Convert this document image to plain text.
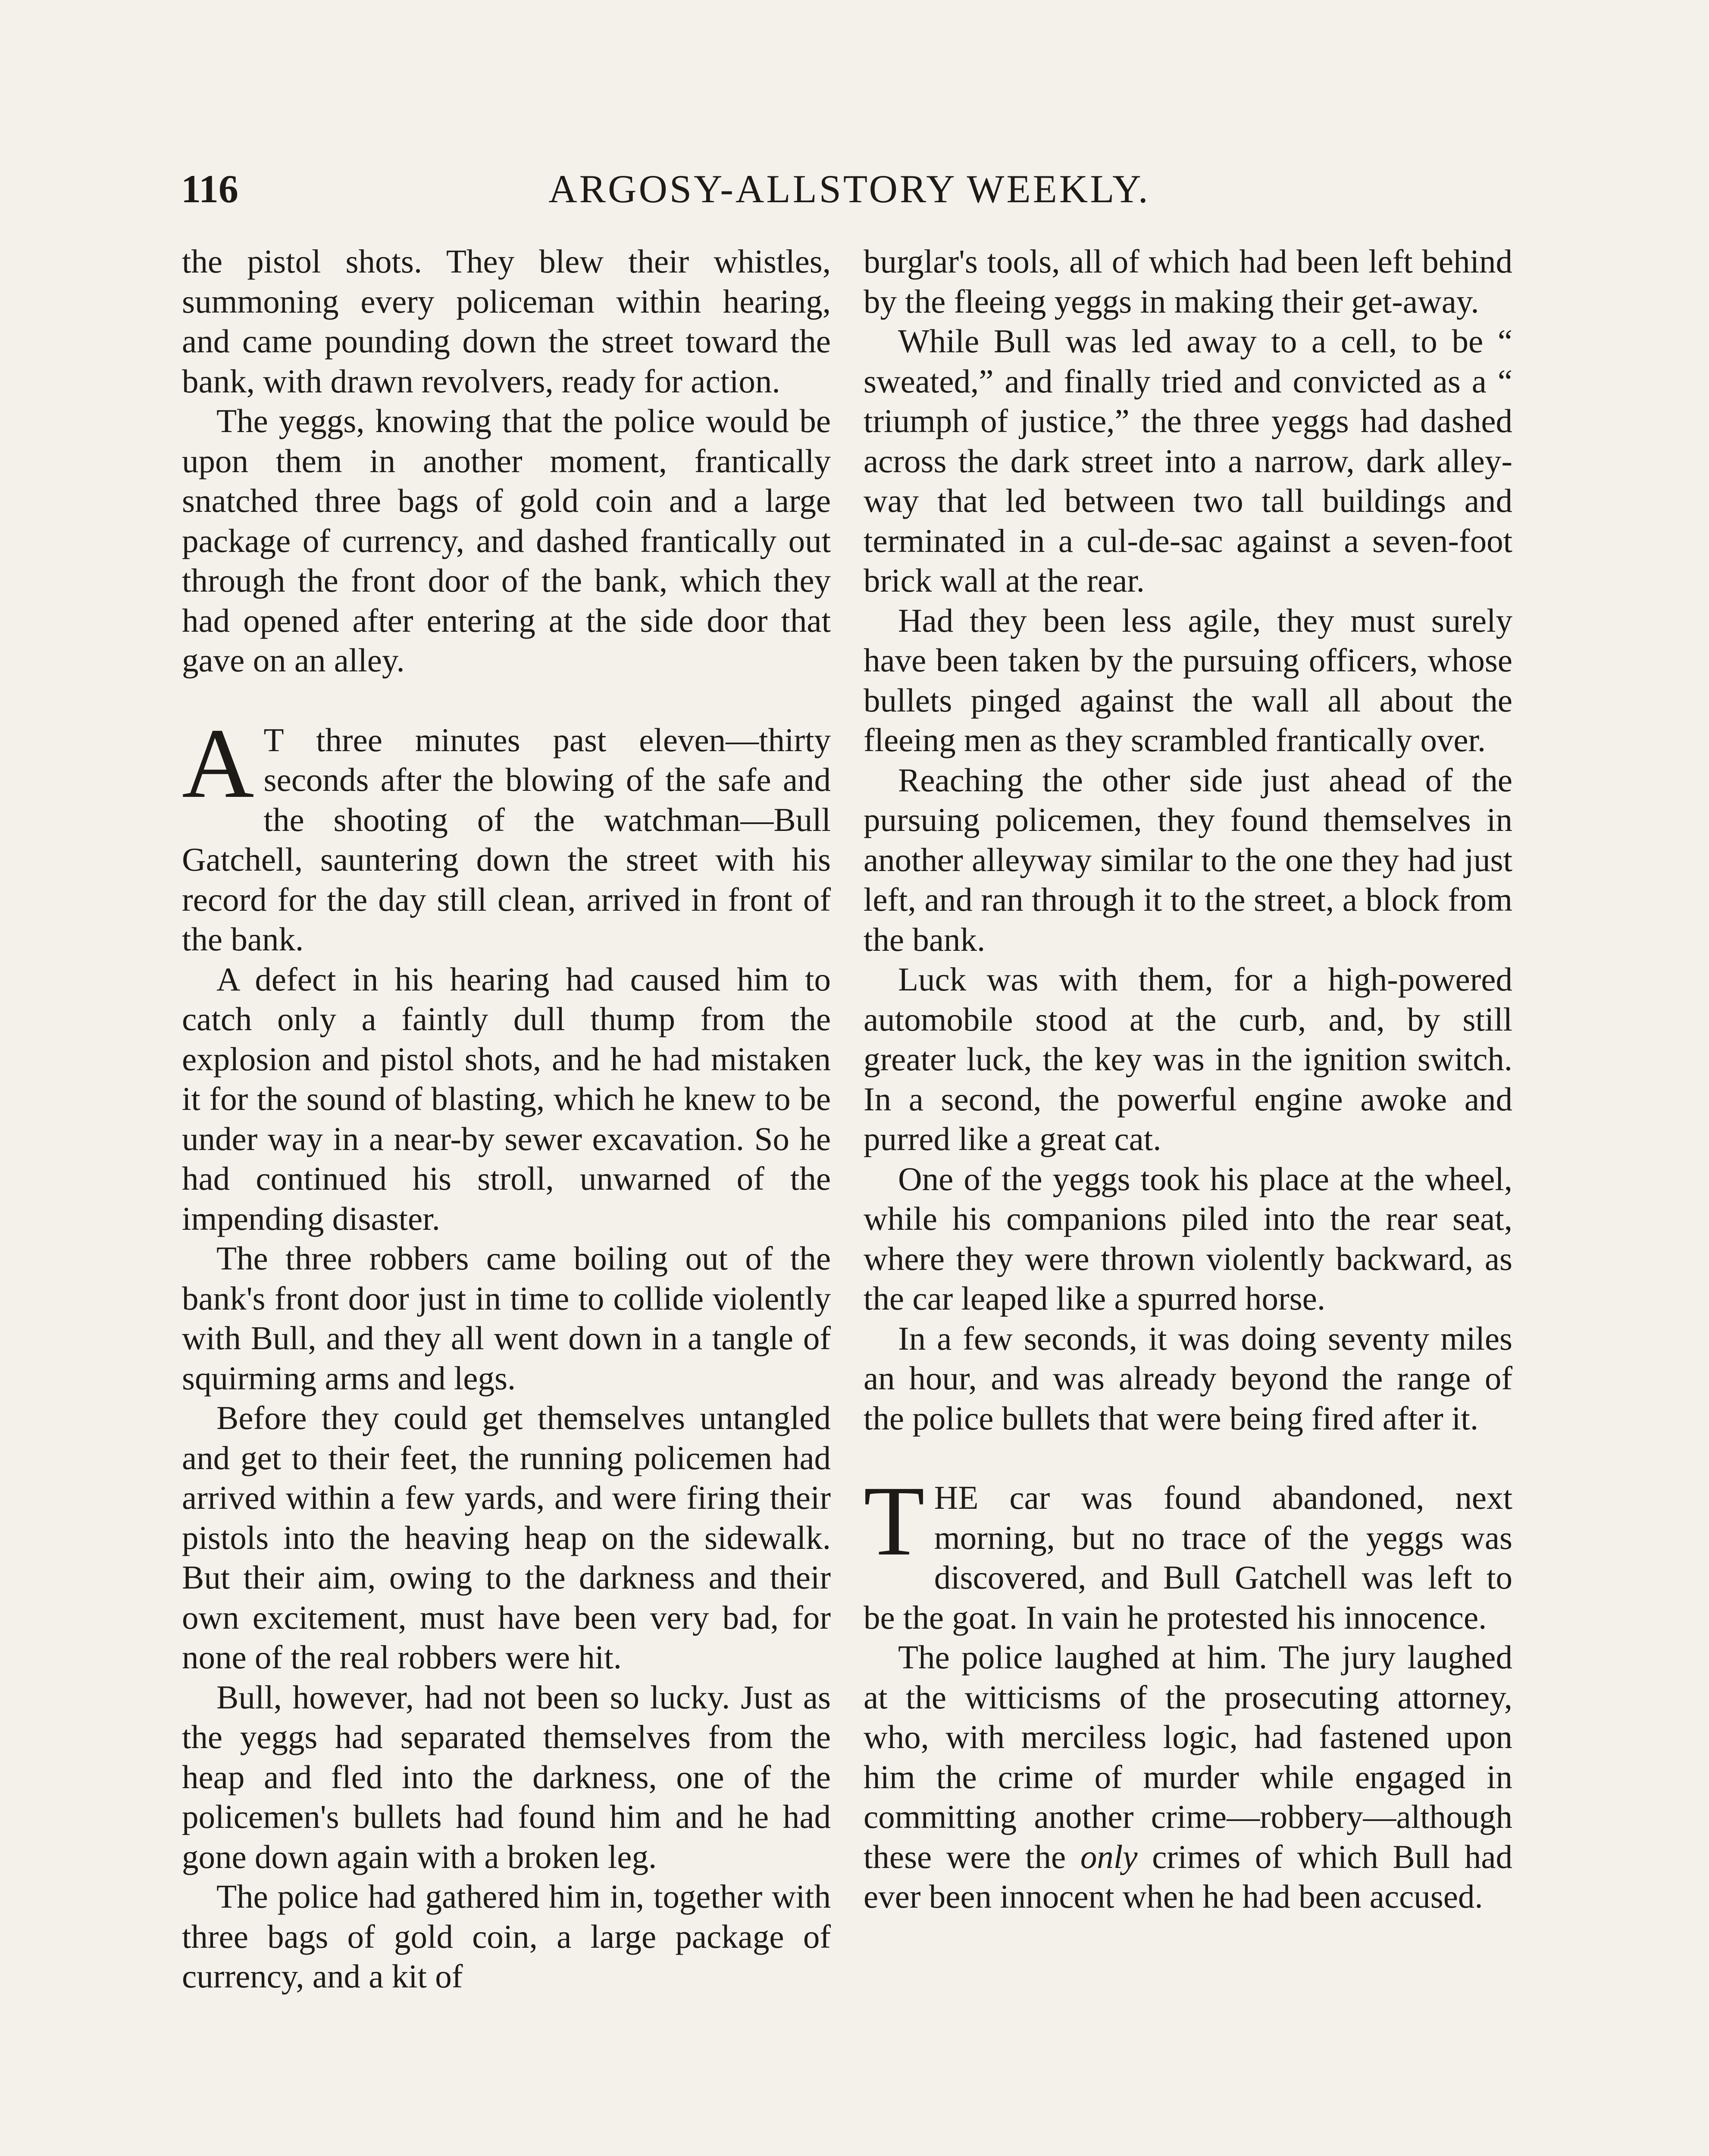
116	ARGOSY-ALLSTORY WEEKLY.

the pistol shots. They blew their whistles, summoning every policeman within hearing, and came pounding down the street toward the bank, with drawn revolvers, ready for action.

The yeggs, knowing that the police would be upon them in another moment, frantically snatched three bags of gold coin and a large package of currency, and dashed frantically out through the front door of the bank, which they had opened after entering at the side door that gave on an alley.

A T three minutes past eleven—thirty seconds after the blowing of the safe and the shooting of the watchman—Bull Gatchell, sauntering down the street with his record for the day still clean, arrived in front of the bank.

A defect in his hearing had caused him to catch only a faintly dull thump from the explosion and pistol shots, and he had mistaken it for the sound of blasting, which he knew to be under way in a near-by sewer excavation. So he had continued his stroll, unwarned of the impending disaster.

The three robbers came boiling out of the bank's front door just in time to collide violently with Bull, and they all went down in a tangle of squirming arms and legs.

Before they could get themselves untangled and get to their feet, the running policemen had arrived within a few yards, and were firing their pistols into the heaving heap on the sidewalk. But their aim, owing to the darkness and their own excitement, must have been very bad, for none of the real robbers were hit.

Bull, however, had not been so lucky. Just as the yeggs had separated themselves from the heap and fled into the darkness, one of the policemen's bullets had found him and he had gone down again with a broken leg.

The police had gathered him in, together with three bags of gold coin, a large package of currency, and a kit of

burglar's tools, all of which had been left behind by the fleeing yeggs in making their get-away.

While Bull was led away to a cell, to be “ sweated,” and finally tried and convicted as a “ triumph of justice,” the three yeggs had dashed across the dark street into a narrow, dark alleyway that led between two tall buildings and terminated in a cul-de-sac against a seven-foot brick wall at the rear.

Had they been less agile, they must surely have been taken by the pursuing officers, whose bullets pinged against the wall all about the fleeing men as they scrambled frantically over.

Reaching the other side just ahead of the pursuing policemen, they found themselves in another alleyway similar to the one they had just left, and ran through it to the street, a block from the bank.

Luck was with them, for a high-powered automobile stood at the curb, and, by still greater luck, the key was in the ignition switch. In a second, the powerful engine awoke and purred like a great cat.

One of the yeggs took his place at the wheel, while his companions piled into the rear seat, where they were thrown violently backward, as the car leaped like a spurred horse.

In a few seconds, it was doing seventy miles an hour, and was already beyond the range of the police bullets that were being fired after it.

THE car was found abandoned, next morning, but no trace of the yeggs was discovered, and Bull Gatchell was left to be the goat. In vain he protested his innocence.

The police laughed at him. The jury laughed at the witticisms of the prosecuting attorney, who, with merciless logic, had fastened upon him the crime of murder while engaged in committing another crime—robbery—although these were the only crimes of which Bull had ever been innocent when he had been accused.
